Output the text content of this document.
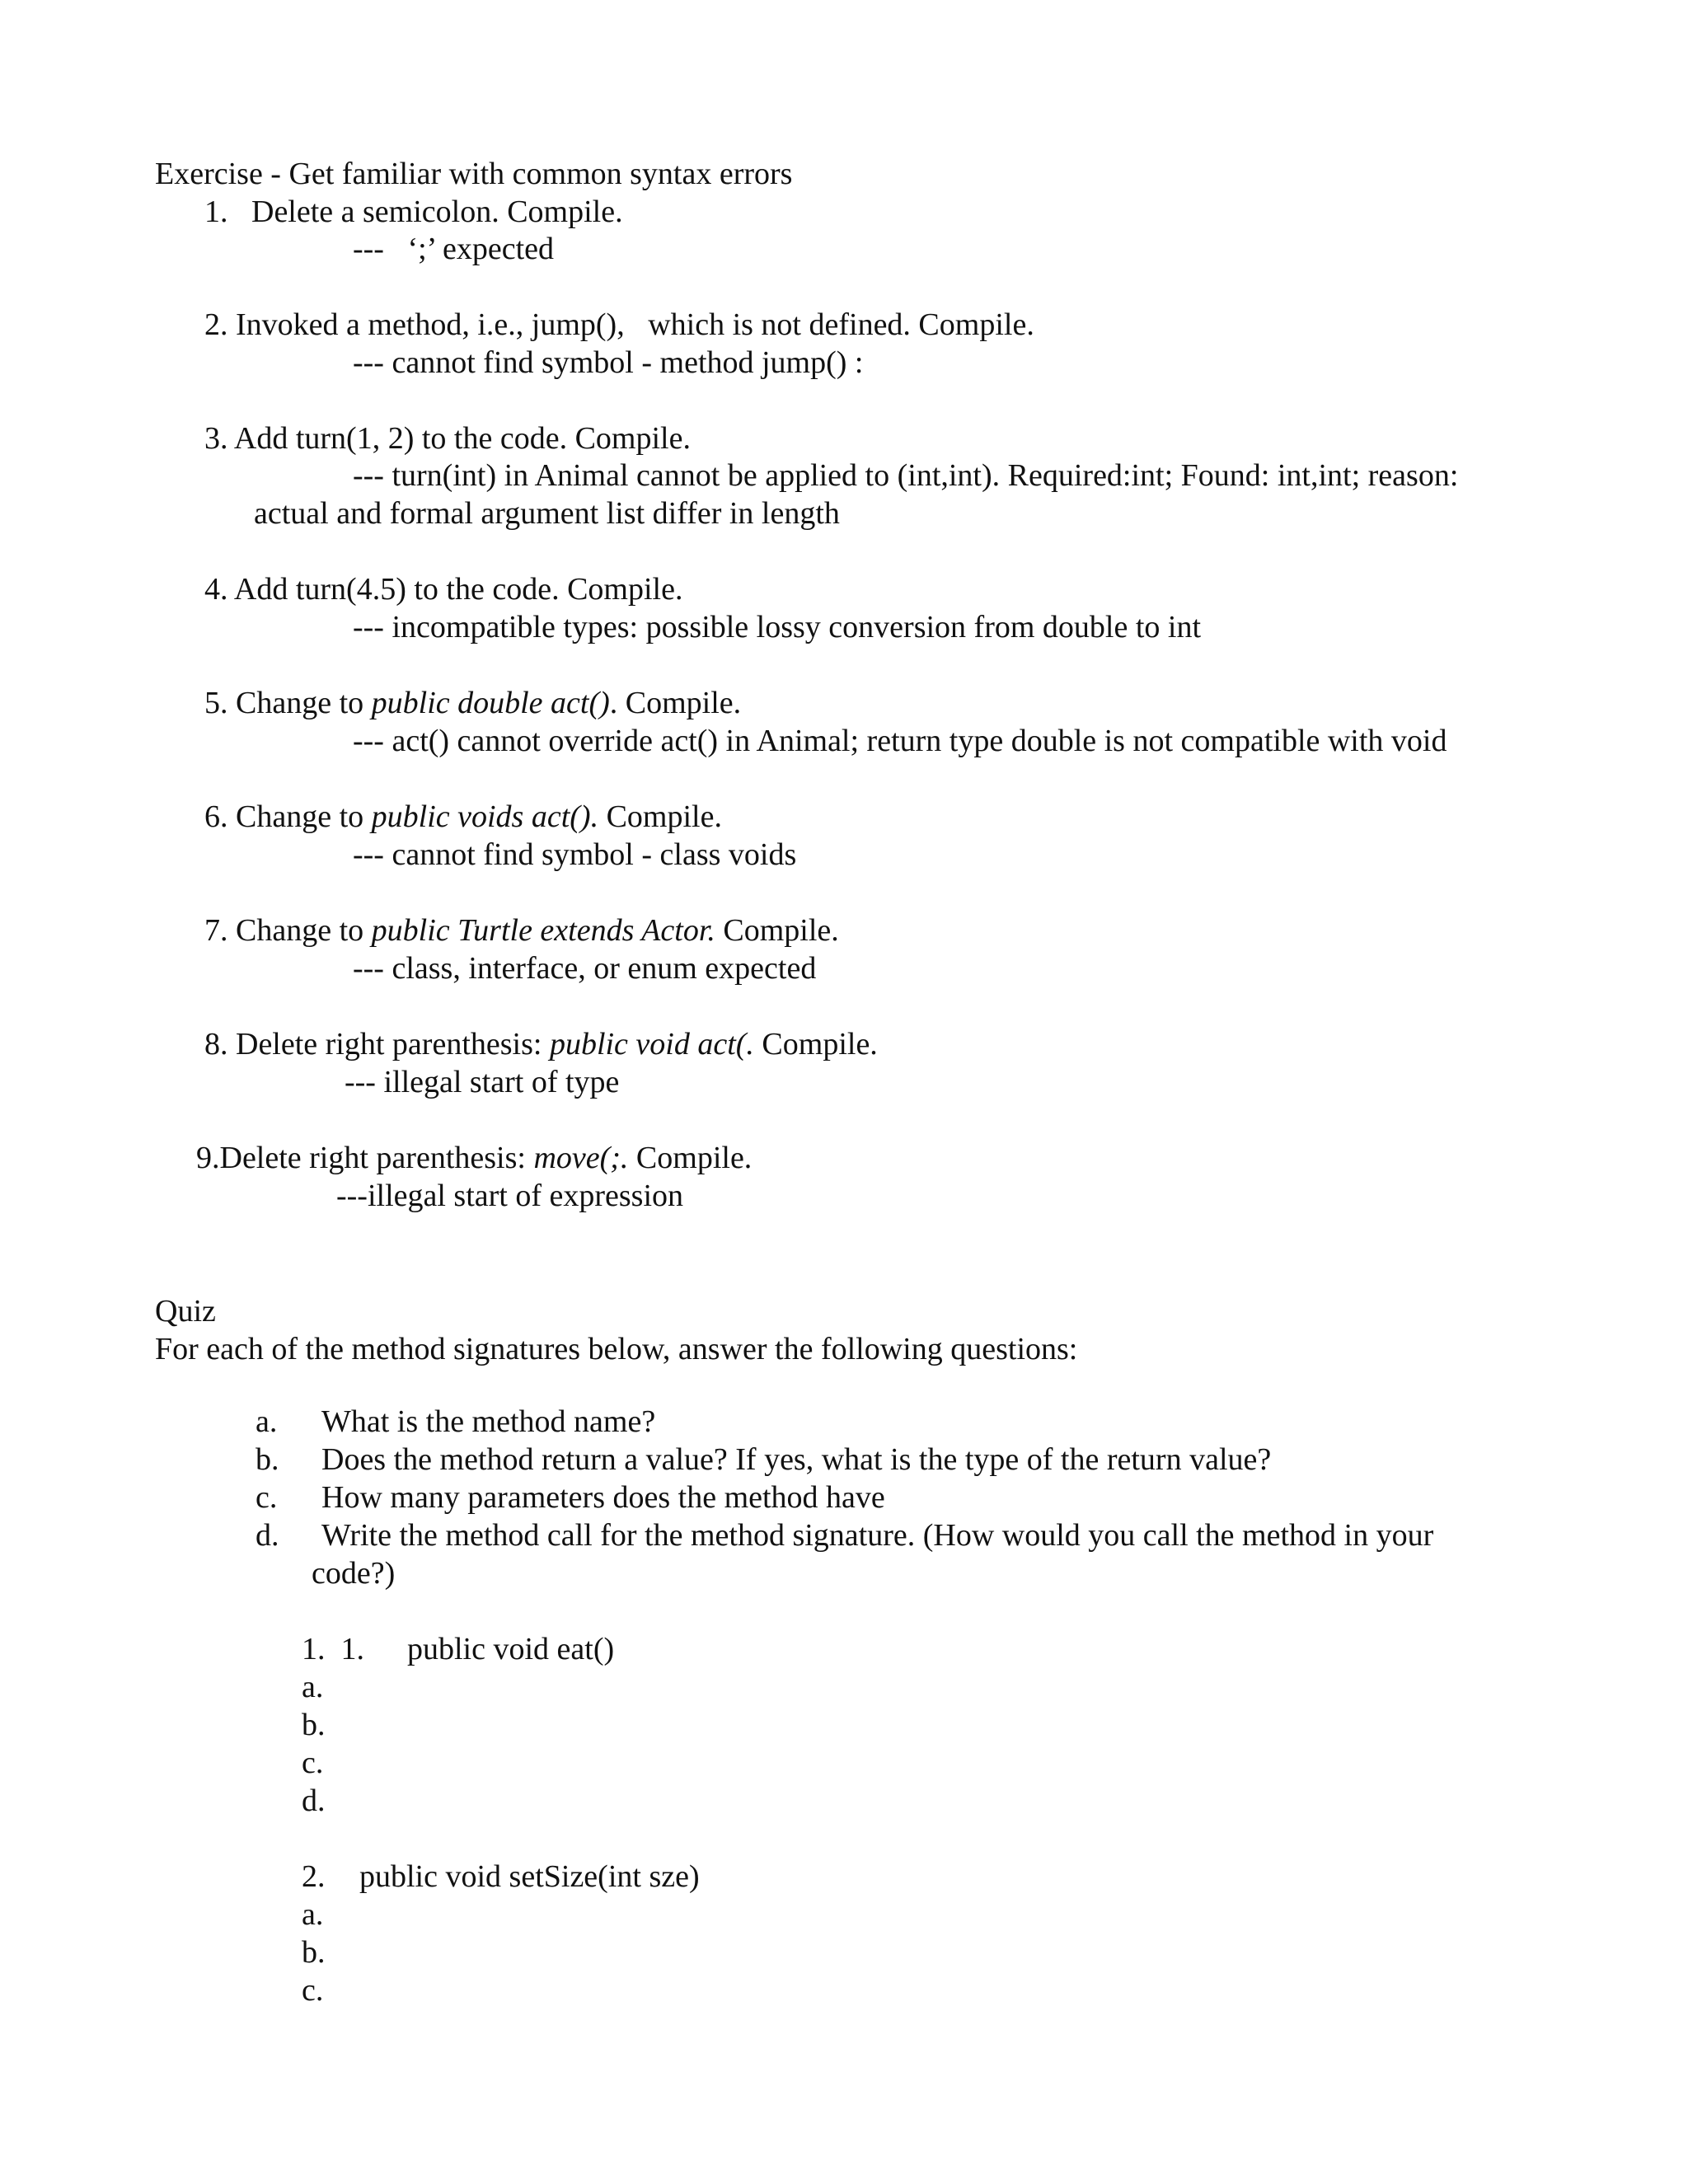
Exercise - Get familiar with common syntax errors
1.   Delete a semicolon. Compile.
---   ‘;’ expected
2. Invoked a method, i.e., jump(),   which is not defined. Compile.
--- cannot find symbol - method jump() :
3. Add turn(1, 2) to the code. Compile.
--- turn(int) in Animal cannot be applied to (int,int). Required:int; Found: int,int; reason:
actual and formal argument list differ in length
4. Add turn(4.5) to the code. Compile.
--- incompatible types: possible lossy conversion from double to int
5. Change to public double act(). Compile.
--- act() cannot override act() in Animal; return type double is not compatible with void
6. Change to public voids act(). Compile.
--- cannot find symbol - class voids
7. Change to public Turtle extends Actor. Compile.
--- class, interface, or enum expected
8. Delete right parenthesis: public void act(. Compile.
--- illegal start of type
9.Delete right parenthesis: move(;. Compile.
---illegal start of expression
Quiz
For each of the method signatures below, answer the following questions:
a. What is the method name?
b. Does the method return a value? If yes, what is the type of the return value?
c. How many parameters does the method have
d. Write the method call for the method signature. (How would you call the method in your
code?)
1.  1. public void eat()
a.
b.
c.
d.
2. public void setSize(int sze)
a.
b.
c.
